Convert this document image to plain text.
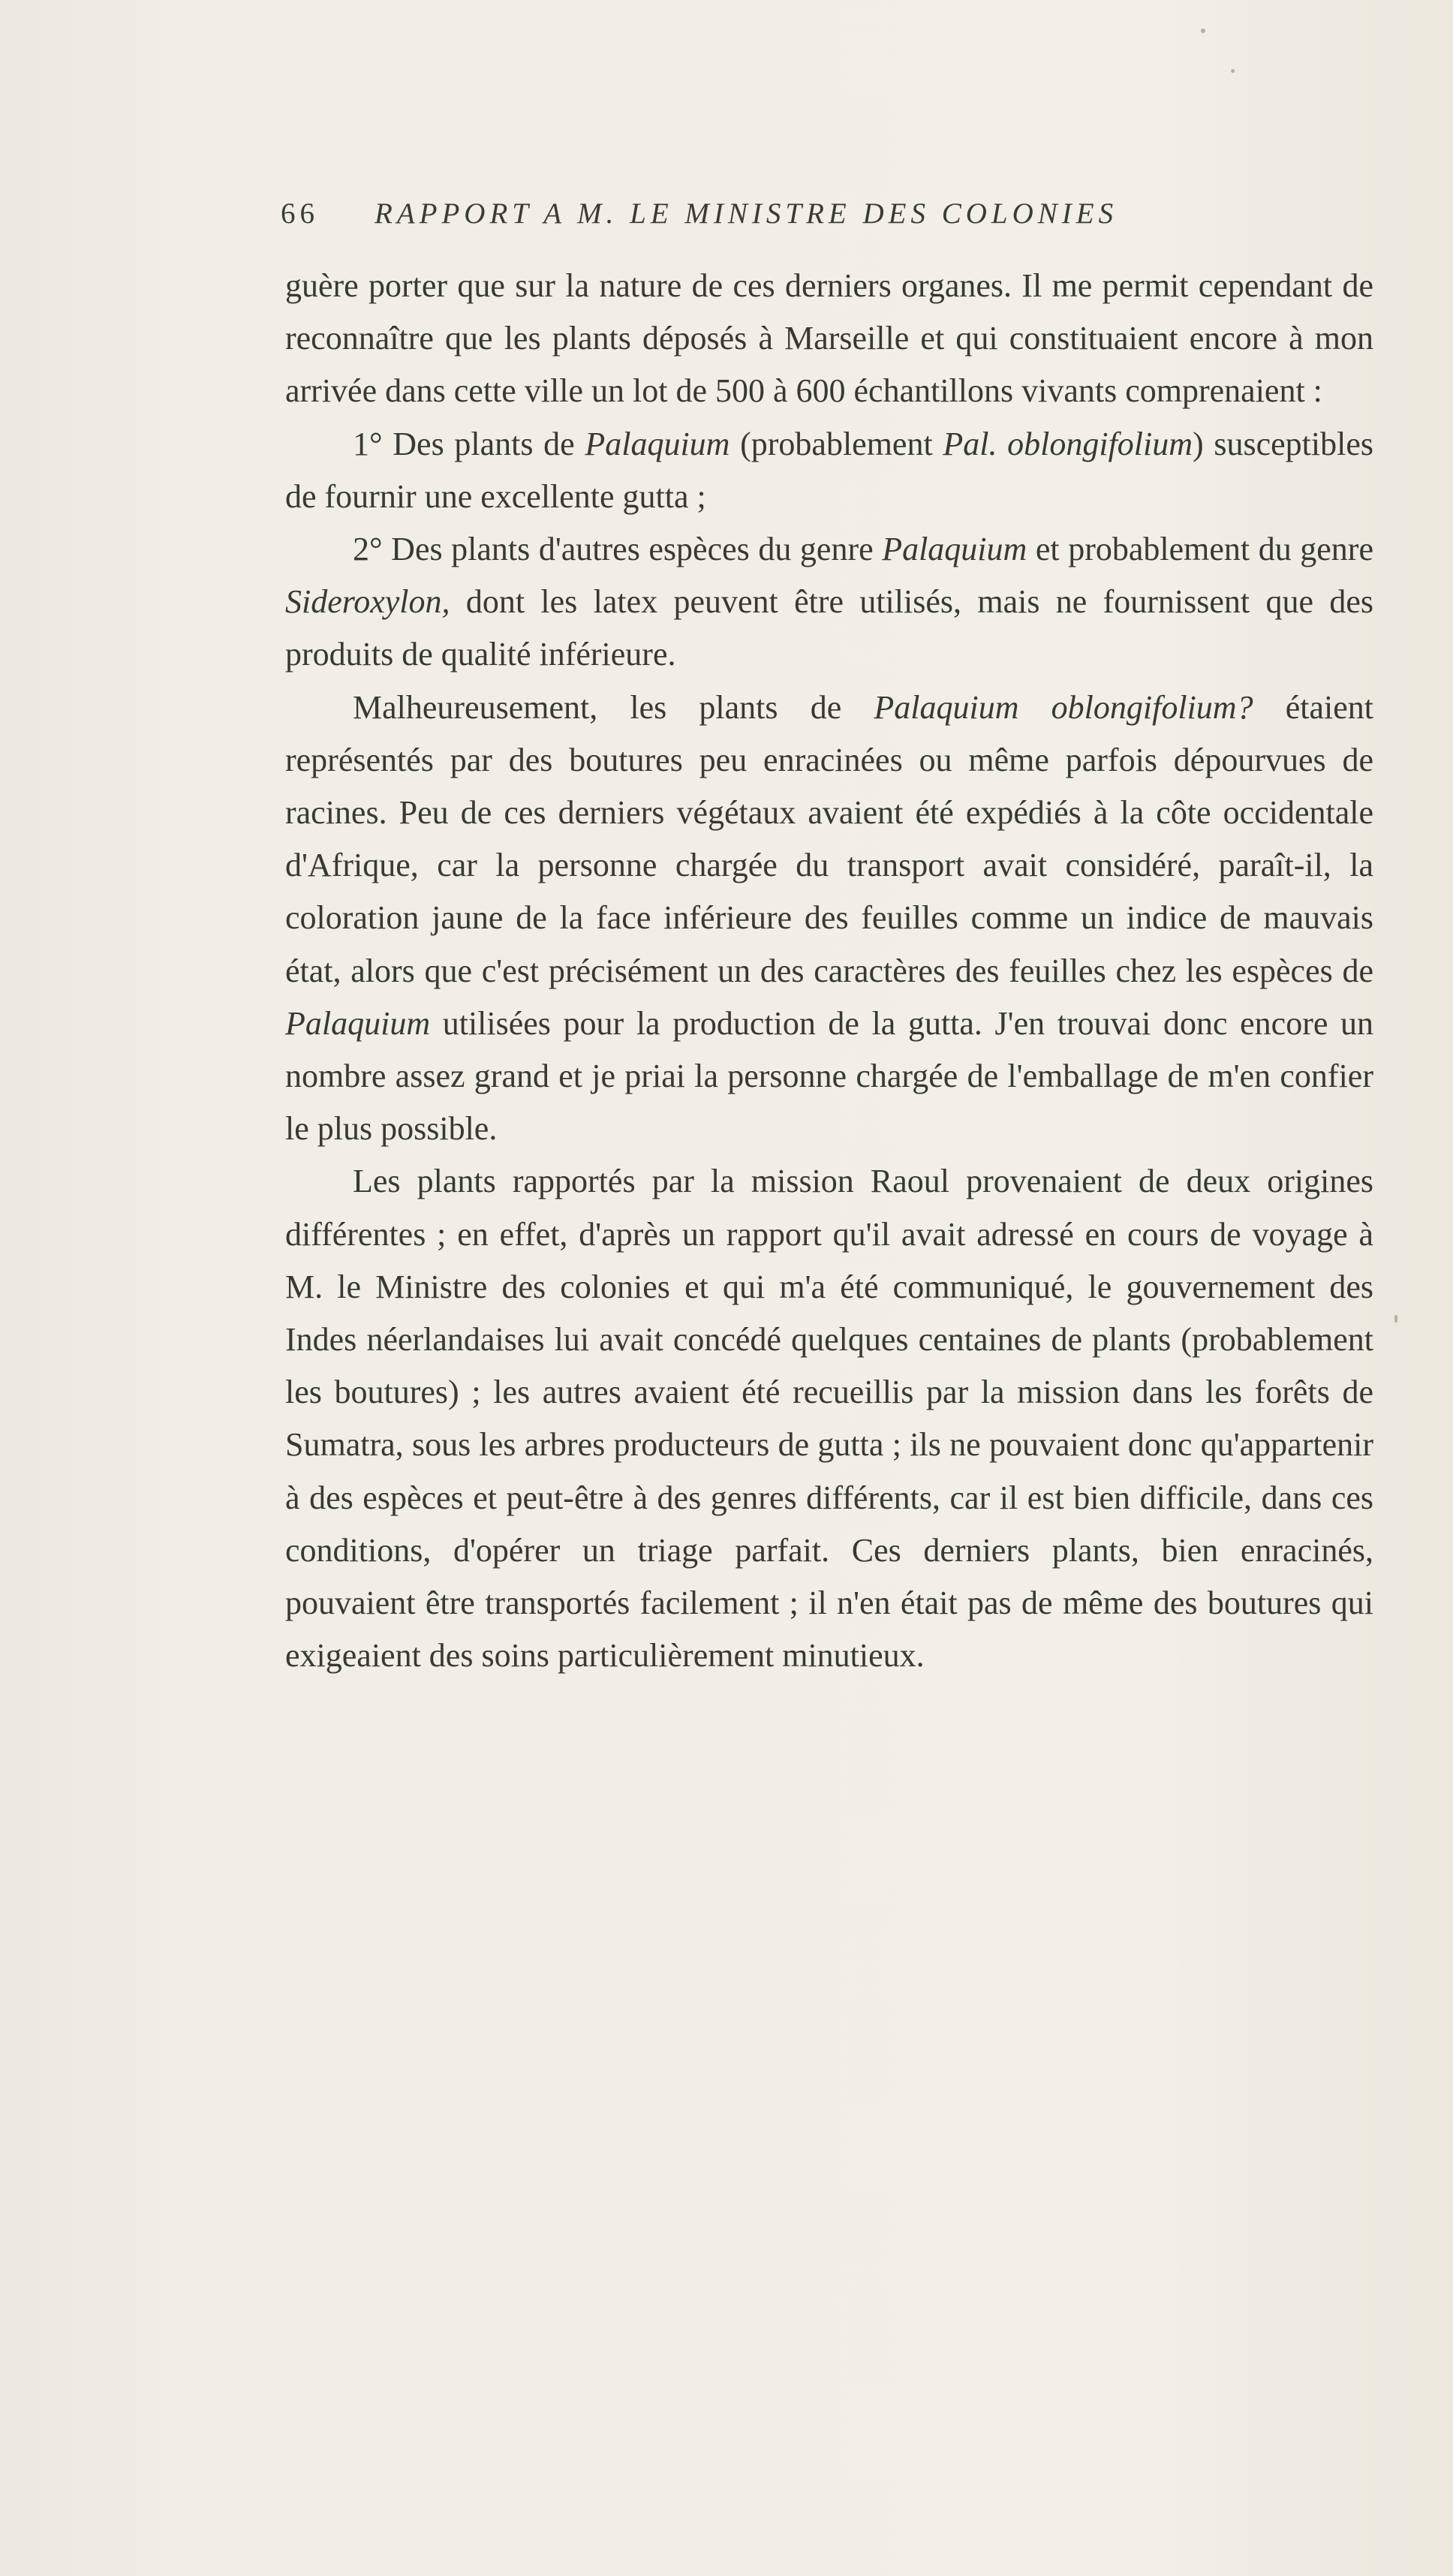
66 RAPPORT A M. LE MINISTRE DES COLONIES

guère porter que sur la nature de ces derniers organes. Il me permit cependant de reconnaître que les plants déposés à Marseille et qui constituaient encore à mon arrivée dans cette ville un lot de 500 à 600 échantillons vivants comprenaient :

1° Des plants de Palaquium (probablement Pal. oblongifolium) susceptibles de fournir une excellente gutta ;

2° Des plants d'autres espèces du genre Palaquium et probablement du genre Sideroxylon, dont les latex peuvent être utilisés, mais ne fournissent que des produits de qualité inférieure.

Malheureusement, les plants de Palaquium oblongifolium? étaient représentés par des boutures peu enracinées ou même parfois dépourvues de racines. Peu de ces derniers végétaux avaient été expédiés à la côte occidentale d'Afrique, car la personne chargée du transport avait considéré, paraît-il, la coloration jaune de la face inférieure des feuilles comme un indice de mauvais état, alors que c'est précisément un des caractères des feuilles chez les espèces de Palaquium utilisées pour la production de la gutta. J'en trouvai donc encore un nombre assez grand et je priai la personne chargée de l'emballage de m'en confier le plus possible.

Les plants rapportés par la mission Raoul provenaient de deux origines différentes ; en effet, d'après un rapport qu'il avait adressé en cours de voyage à M. le Ministre des colonies et qui m'a été communiqué, le gouvernement des Indes néerlandaises lui avait concédé quelques centaines de plants (probablement les boutures) ; les autres avaient été recueillis par la mission dans les forêts de Sumatra, sous les arbres producteurs de gutta ; ils ne pouvaient donc qu'appartenir à des espèces et peut-être à des genres différents, car il est bien difficile, dans ces conditions, d'opérer un triage parfait. Ces derniers plants, bien enracinés, pouvaient être transportés facilement ; il n'en était pas de même des boutures qui exigeaient des soins particulièrement minutieux.
